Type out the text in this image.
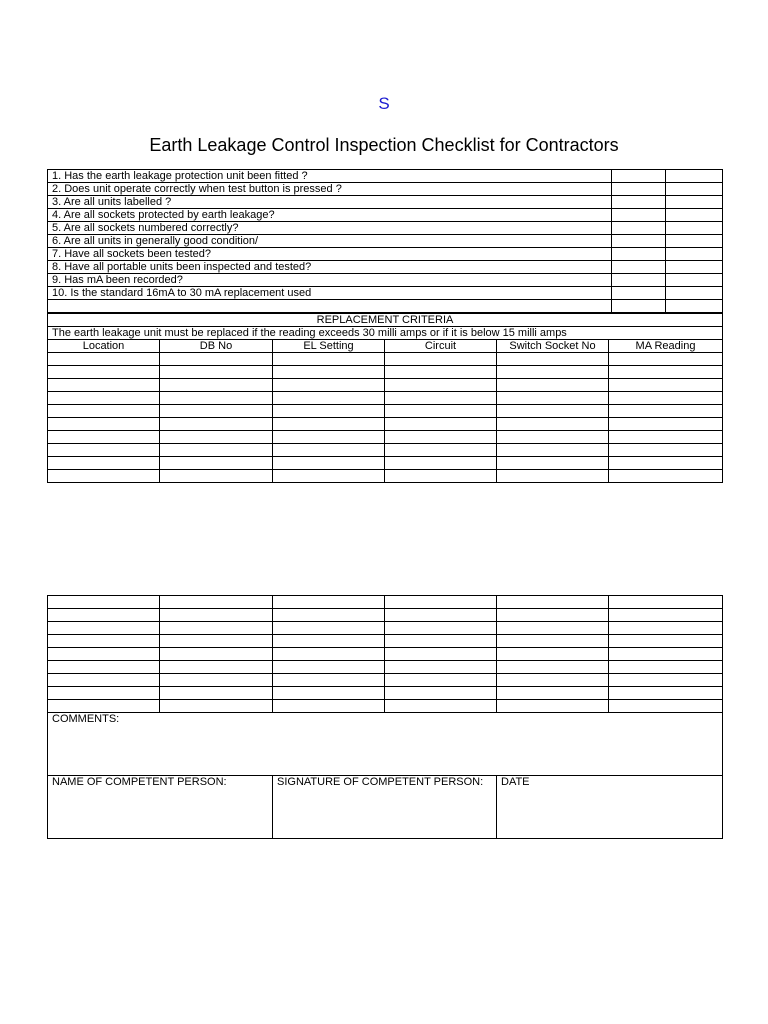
S
Earth Leakage Control Inspection Checklist for Contractors
1. Has the earth leakage protection unit been fitted ?		
2. Does unit operate correctly when test button is pressed ?		
3. Are all units labelled ?		
4. Are all sockets protected by earth leakage?		
5. Are all sockets numbered correctly?		
6. Are all units in generally good condition/		
7. Have all sockets been tested?		
8. Have all portable units been inspected and tested?		
9. Has mA been recorded?		
10. Is the standard 16mA to 30 mA replacement used		

REPLACEMENT CRITERIA					
The earth leakage unit must be replaced if the reading exceeds 30 milli amps or if it is below 15 milli amps					
Location	DB No	EL Setting	Circuit	Switch Socket No	MA Reading

COMMENTS:					
NAME OF COMPETENT PERSON:		SIGNATURE OF COMPETENT PERSON:		DATE	
